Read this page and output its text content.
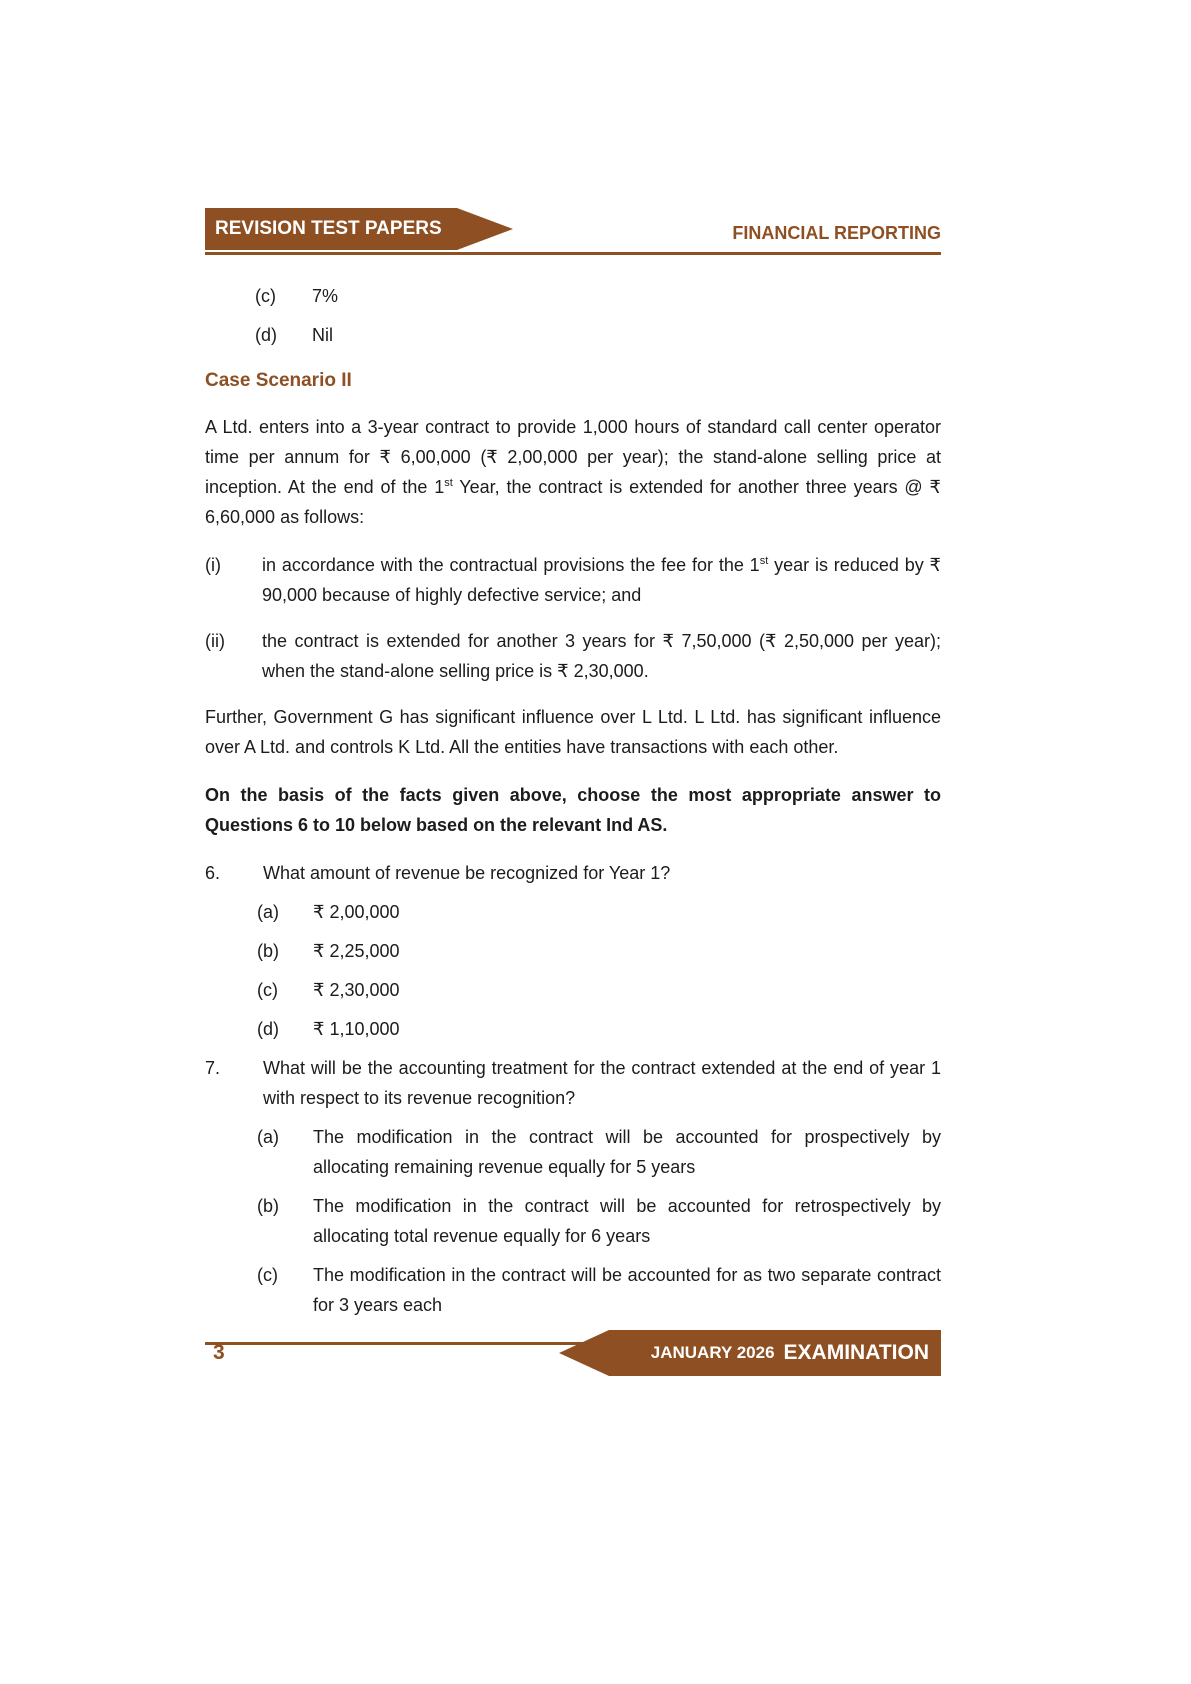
REVISION TEST PAPERS	FINANCIAL REPORTING
(c)	7%
(d)	Nil
Case Scenario II

A Ltd. enters into a 3-year contract to provide 1,000 hours of standard call center operator time per annum for ₹ 6,00,000 (₹ 2,00,000 per year); the stand-alone selling price at inception. At the end of the 1st Year, the contract is extended for another three years @ ₹ 6,60,000 as follows:

(i)	in accordance with the contractual provisions the fee for the 1st year is reduced by ₹ 90,000 because of highly defective service; and
(ii)	the contract is extended for another 3 years for ₹ 7,50,000 (₹ 2,50,000 per year); when the stand-alone selling price is ₹ 2,30,000.

Further, Government G has significant influence over L Ltd. L Ltd. has significant influence over A Ltd. and controls K Ltd. All the entities have transactions with each other.

On the basis of the facts given above, choose the most appropriate answer to Questions 6 to 10 below based on the relevant Ind AS.

6.	What amount of revenue be recognized for Year 1?
(a)	₹ 2,00,000
(b)	₹ 2,25,000
(c)	₹ 2,30,000
(d)	₹ 1,10,000
7.	What will be the accounting treatment for the contract extended at the end of year 1 with respect to its revenue recognition?
(a)	The modification in the contract will be accounted for prospectively by allocating remaining revenue equally for 5 years
(b)	The modification in the contract will be accounted for retrospectively by allocating total revenue equally for 6 years
(c)	The modification in the contract will be accounted for as two separate contract for 3 years each
3	JANUARY 2026 EXAMINATION
